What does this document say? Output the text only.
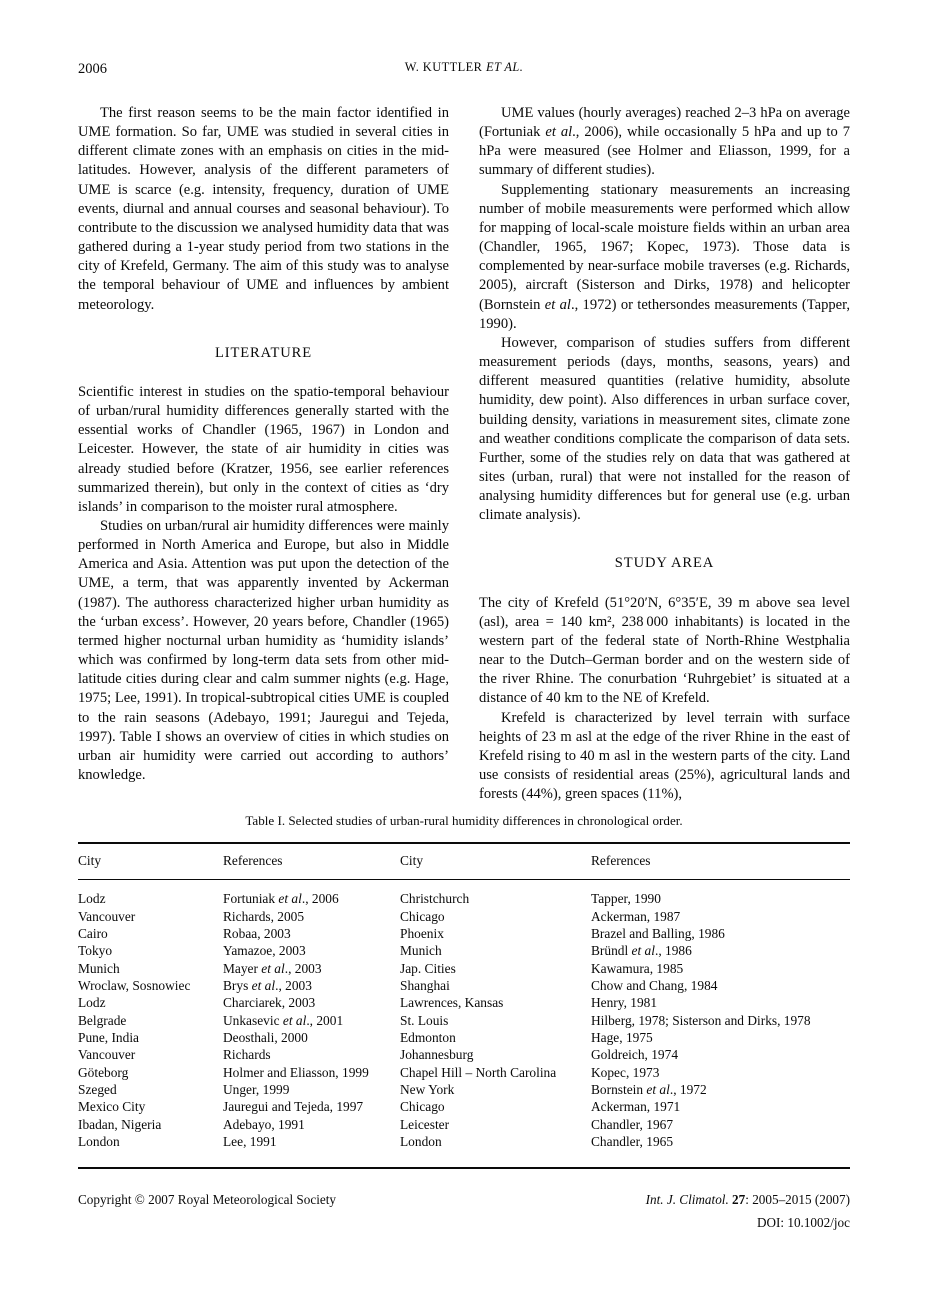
2006	W. KUTTLER ET AL.

The first reason seems to be the main factor identified in UME formation. So far, UME was studied in several cities in different climate zones with an emphasis on cities in the mid-latitudes. However, analysis of the different parameters of UME is scarce (e.g. intensity, frequency, duration of UME events, diurnal and annual courses and seasonal behaviour). To contribute to the discussion we analysed humidity data that was gathered during a 1-year study period from two stations in the city of Krefeld, Germany. The aim of this study was to analyse the temporal behaviour of UME and influences by ambient meteorology.

LITERATURE

Scientific interest in studies on the spatio-temporal behaviour of urban/rural humidity differences generally started with the essential works of Chandler (1965, 1967) in London and Leicester. However, the state of air humidity in cities was already studied before (Kratzer, 1956, see earlier references summarized therein), but only in the context of cities as ‘dry islands’ in comparison to the moister rural atmosphere.

Studies on urban/rural air humidity differences were mainly performed in North America and Europe, but also in Middle America and Asia. Attention was put upon the detection of the UME, a term, that was apparently invented by Ackerman (1987). The authoress characterized higher urban humidity as the ‘urban excess’. However, 20 years before, Chandler (1965) termed higher nocturnal urban humidity as ‘humidity islands’ which was confirmed by long-term data sets from other mid-latitude cities during clear and calm summer nights (e.g. Hage, 1975; Lee, 1991). In tropical-subtropical cities UME is coupled to the rain seasons (Adebayo, 1991; Jauregui and Tejeda, 1997). Table I shows an overview of cities in which studies on urban air humidity were carried out according to authors’ knowledge.

UME values (hourly averages) reached 2–3 hPa on average (Fortuniak et al., 2006), while occasionally 5 hPa and up to 7 hPa were measured (see Holmer and Eliasson, 1999, for a summary of different studies).

Supplementing stationary measurements an increasing number of mobile measurements were performed which allow for mapping of local-scale moisture fields within an urban area (Chandler, 1965, 1967; Kopec, 1973). Those data is complemented by near-surface mobile traverses (e.g. Richards, 2005), aircraft (Sisterson and Dirks, 1978) and helicopter (Bornstein et al., 1972) or tethersondes measurements (Tapper, 1990).

However, comparison of studies suffers from different measurement periods (days, months, seasons, years) and different measured quantities (relative humidity, absolute humidity, dew point). Also differences in urban surface cover, building density, variations in measurement sites, climate zone and weather conditions complicate the comparison of data sets. Further, some of the studies rely on data that was gathered at sites (urban, rural) that were not installed for the reason of analysing humidity differences but for general use (e.g. urban climate analysis).

STUDY AREA

The city of Krefeld (51°20′N, 6°35′E, 39 m above sea level (asl), area = 140 km², 238 000 inhabitants) is located in the western part of the federal state of North-Rhine Westphalia near to the Dutch–German border and on the western side of the river Rhine. The conurbation ‘Ruhrgebiet’ is situated at a distance of 40 km to the NE of Krefeld.

Krefeld is characterized by level terrain with surface heights of 23 m asl at the edge of the river Rhine in the east of Krefeld rising to 40 m asl in the western parts of the city. Land use consists of residential areas (25%), agricultural lands and forests (44%), green spaces (11%),

Table I. Selected studies of urban-rural humidity differences in chronological order.
City	References	City	References
Lodz	Fortuniak et al., 2006	Christchurch	Tapper, 1990
Vancouver	Richards, 2005	Chicago	Ackerman, 1987
Cairo	Robaa, 2003	Phoenix	Brazel and Balling, 1986
Tokyo	Yamazoe, 2003	Munich	Bründl et al., 1986
Munich	Mayer et al., 2003	Jap. Cities	Kawamura, 1985
Wroclaw, Sosnowiec	Brys et al., 2003	Shanghai	Chow and Chang, 1984
Lodz	Charciarek, 2003	Lawrences, Kansas	Henry, 1981
Belgrade	Unkasevic et al., 2001	St. Louis	Hilberg, 1978; Sisterson and Dirks, 1978
Pune, India	Deosthali, 2000	Edmonton	Hage, 1975
Vancouver	Richards	Johannesburg	Goldreich, 1974
Göteborg	Holmer and Eliasson, 1999	Chapel Hill – North Carolina	Kopec, 1973
Szeged	Unger, 1999	New York	Bornstein et al., 1972
Mexico City	Jauregui and Tejeda, 1997	Chicago	Ackerman, 1971
Ibadan, Nigeria	Adebayo, 1991	Leicester	Chandler, 1967
London	Lee, 1991	London	Chandler, 1965
Copyright © 2007 Royal Meteorological Society	Int. J. Climatol. 27: 2005–2015 (2007)
DOI: 10.1002/joc
